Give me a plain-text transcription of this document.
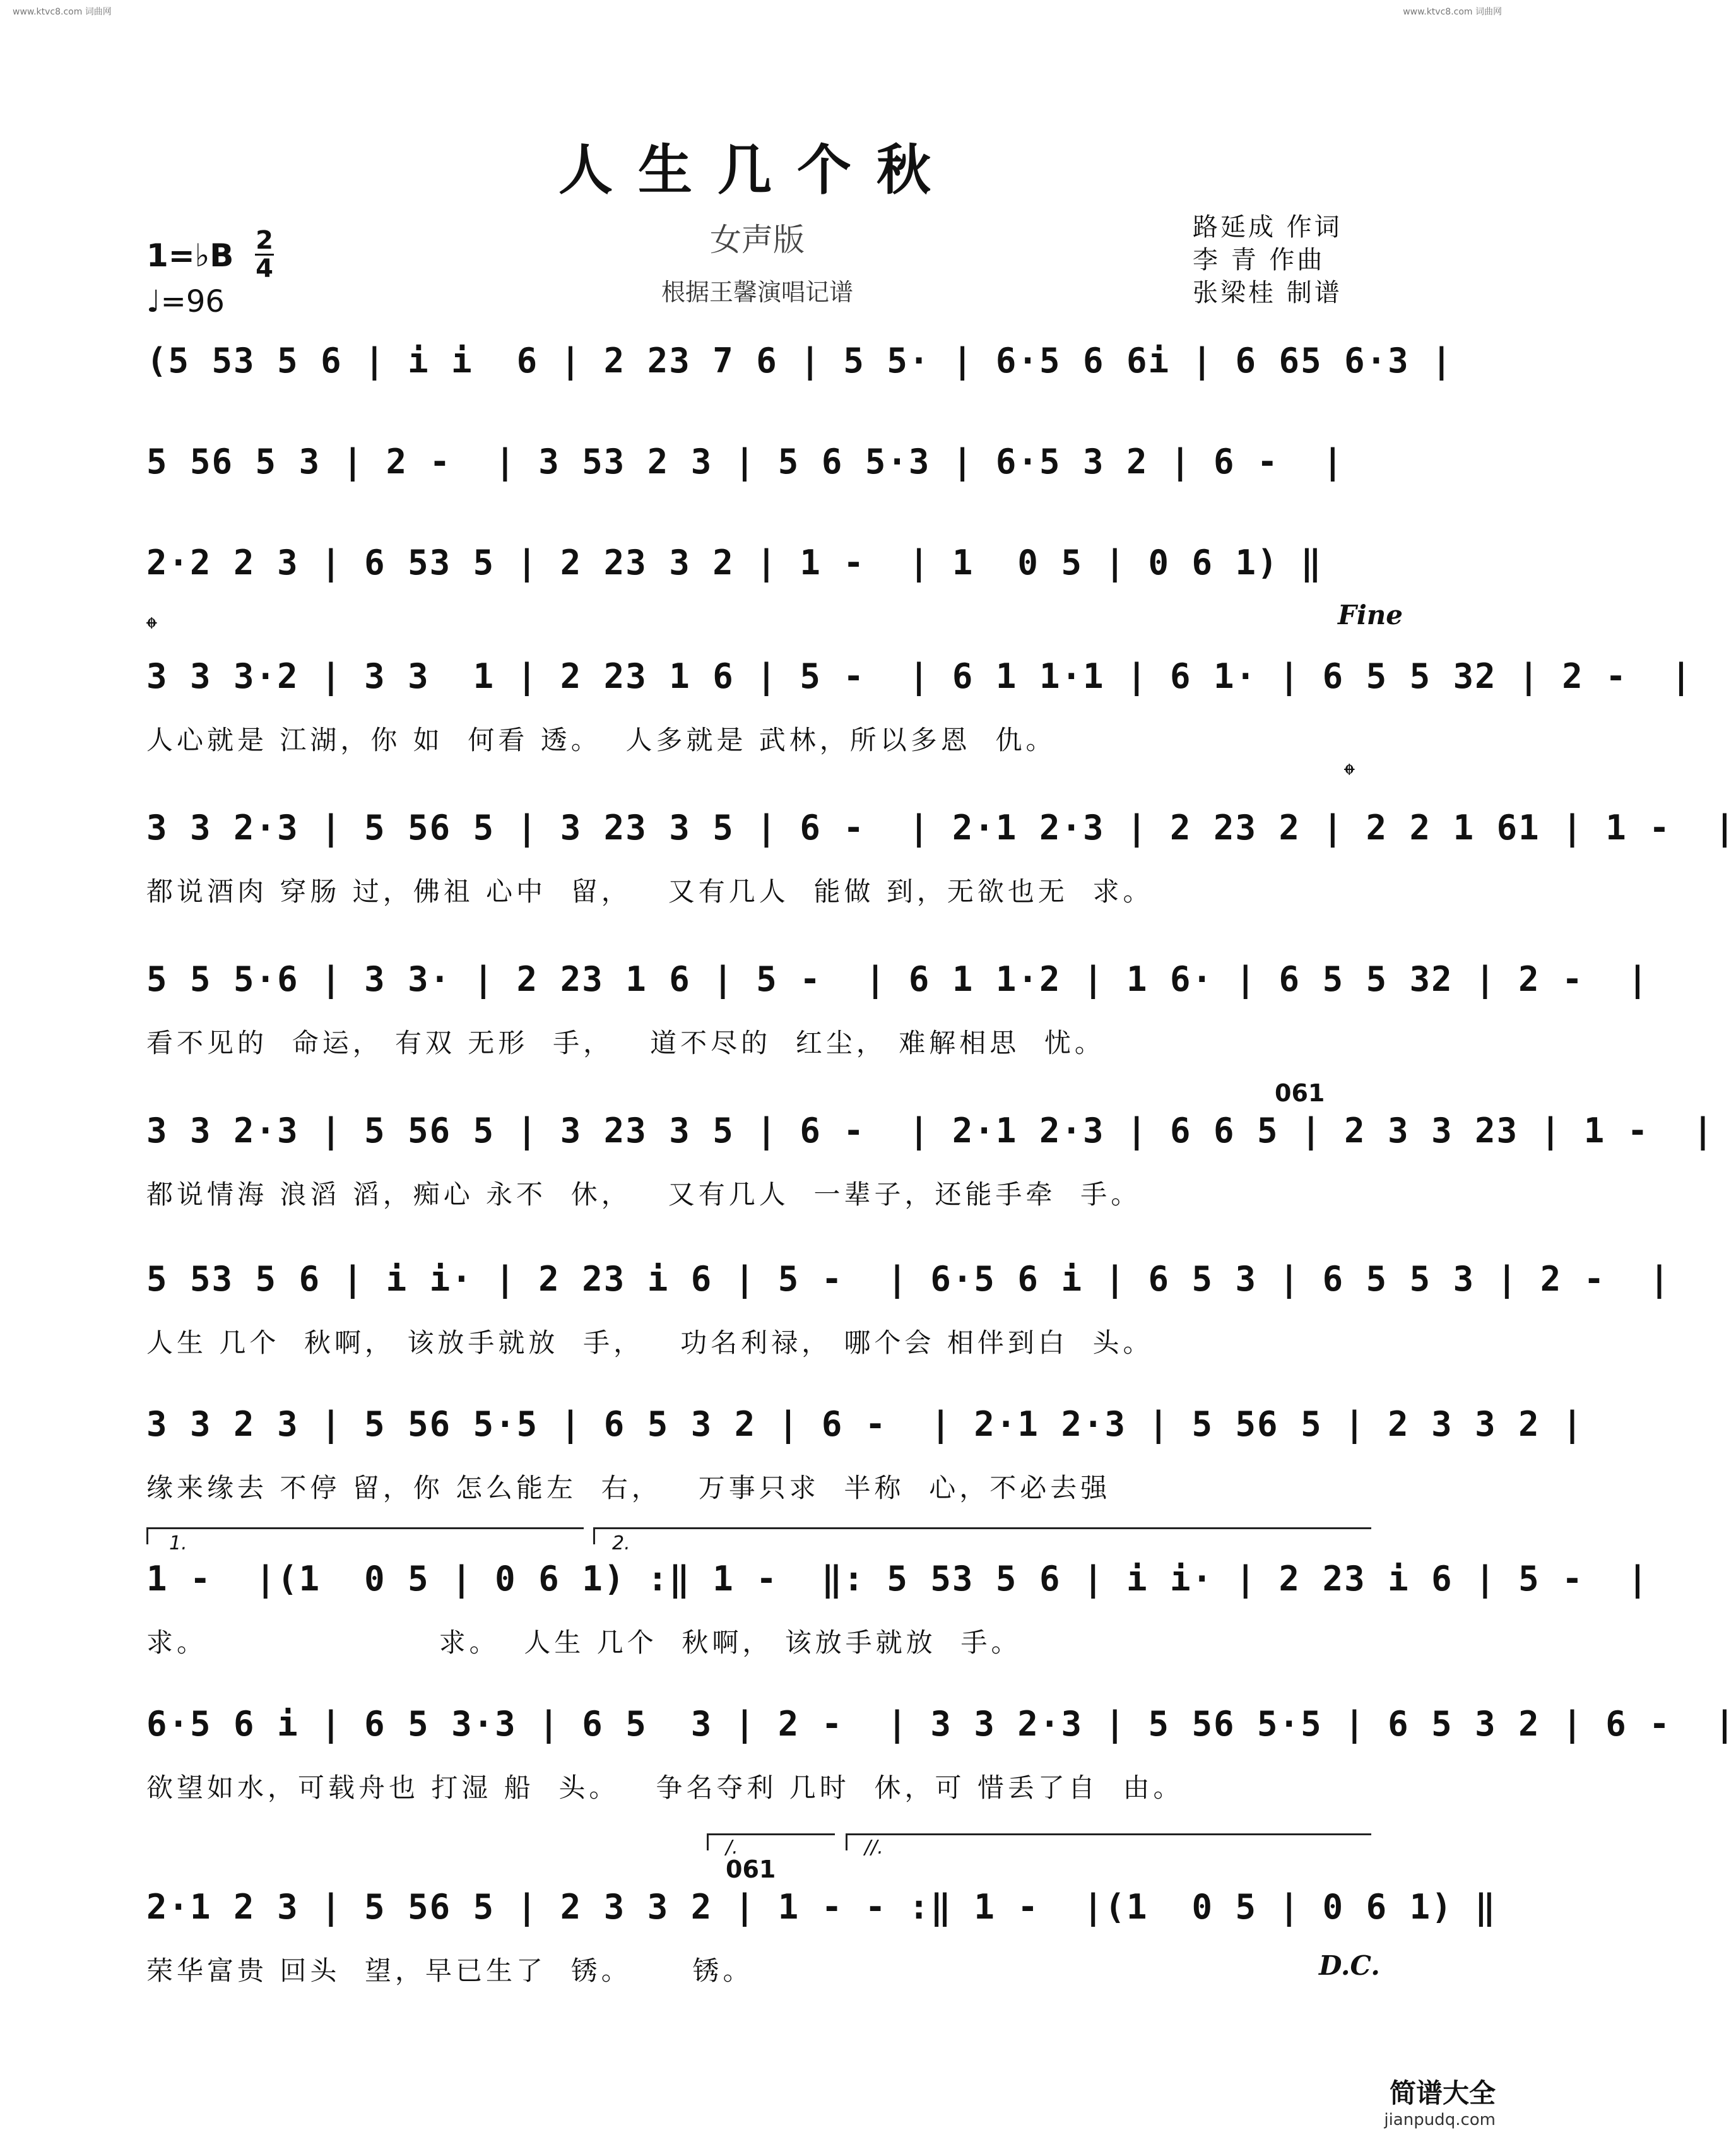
www.ktvc8.com 词曲网	www.ktvc8.com 词曲网
人生几个秋
女声版
根据王馨演唱记谱
路延成 作词
李 青 作曲
张梁桂 制谱
1=♭B 2
4
♩=96
(5 53 5 6 | i i  6 | 2 23 7 6 | 5 5· | 6·5 6 6i | 6 65 6·3 |
5 56 5 3 | 2 -  | 3 53 2 3 | 5 6 5·3 | 6·5 3 2 | 6 -  |
2·2 2 3 | 6 53 5 | 2 23 3 2 | 1 -  | 1  0 5 | 0 6 1) ‖
Fine
𝄌
3 3 3·2 | 3 3  1 | 2 23 1 6 | 5 -  | 6 1 1·1 | 6 1· | 6 5 5 32 | 2 -  |
人心就是 江湖，你 如  何看 透。  人多就是 武林，所以多恩  仇。
𝄌
3 3 2·3 | 5 56 5 | 3 23 3 5 | 6 -  | 2·1 2·3 | 2 23 2 | 2 2 1 61 | 1 -  |
都说酒肉 穿肠 过，佛祖 心中  留，   又有几人  能做 到，无欲也无  求。
5 5 5·6 | 3 3· | 2 23 1 6 | 5 -  | 6 1 1·2 | 1 6· | 6 5 5 32 | 2 -  |
看不见的  命运， 有双 无形  手，   道不尽的  红尘， 难解相思  忧。
061
3 3 2·3 | 5 56 5 | 3 23 3 5 | 6 -  | 2·1 2·3 | 6 6 5 | 2 3 3 23 | 1 -  |
都说情海 浪滔 滔，痴心 永不  休，   又有几人  一辈子，还能手牵  手。
5 53 5 6 | i i· | 2 23 i 6 | 5 -  | 6·5 6 i | 6 5 3 | 6 5 5 3 | 2 -  |
人生 几个  秋啊， 该放手就放  手，   功名利禄， 哪个会 相伴到白  头。
3 3 2 3 | 5 56 5·5 | 6 5 3 2 | 6 -  | 2·1 2·3 | 5 56 5 | 2 3 3 2 |
缘来缘去 不停 留，你 怎么能左  右，   万事只求  半称  心，不必去强
1.	2.
1 -  |(1  0 5 | 0 6 1) :‖ 1 -  ‖: 5 53 5 6 | i i· | 2 23 i 6 | 5 -  |
求。                   求。  人生 几个  秋啊， 该放手就放  手。
6·5 6 i | 6 5 3·3 | 6 5  3 | 2 -  | 3 3 2·3 | 5 56 5·5 | 6 5 3 2 | 6 -  |
欲望如水，可载舟也 打湿 船  头。   争名夺利 几时  休，可 惜丢了自  由。
/.	//.
061
2·1 2 3 | 5 56 5 | 2 3 3 2 | 1 - - :‖ 1 -  |(1  0 5 | 0 6 1) ‖
荣华富贵 回头  望，早已生了  锈。     锈。	D.C.
简谱大全
jianpudq.com
